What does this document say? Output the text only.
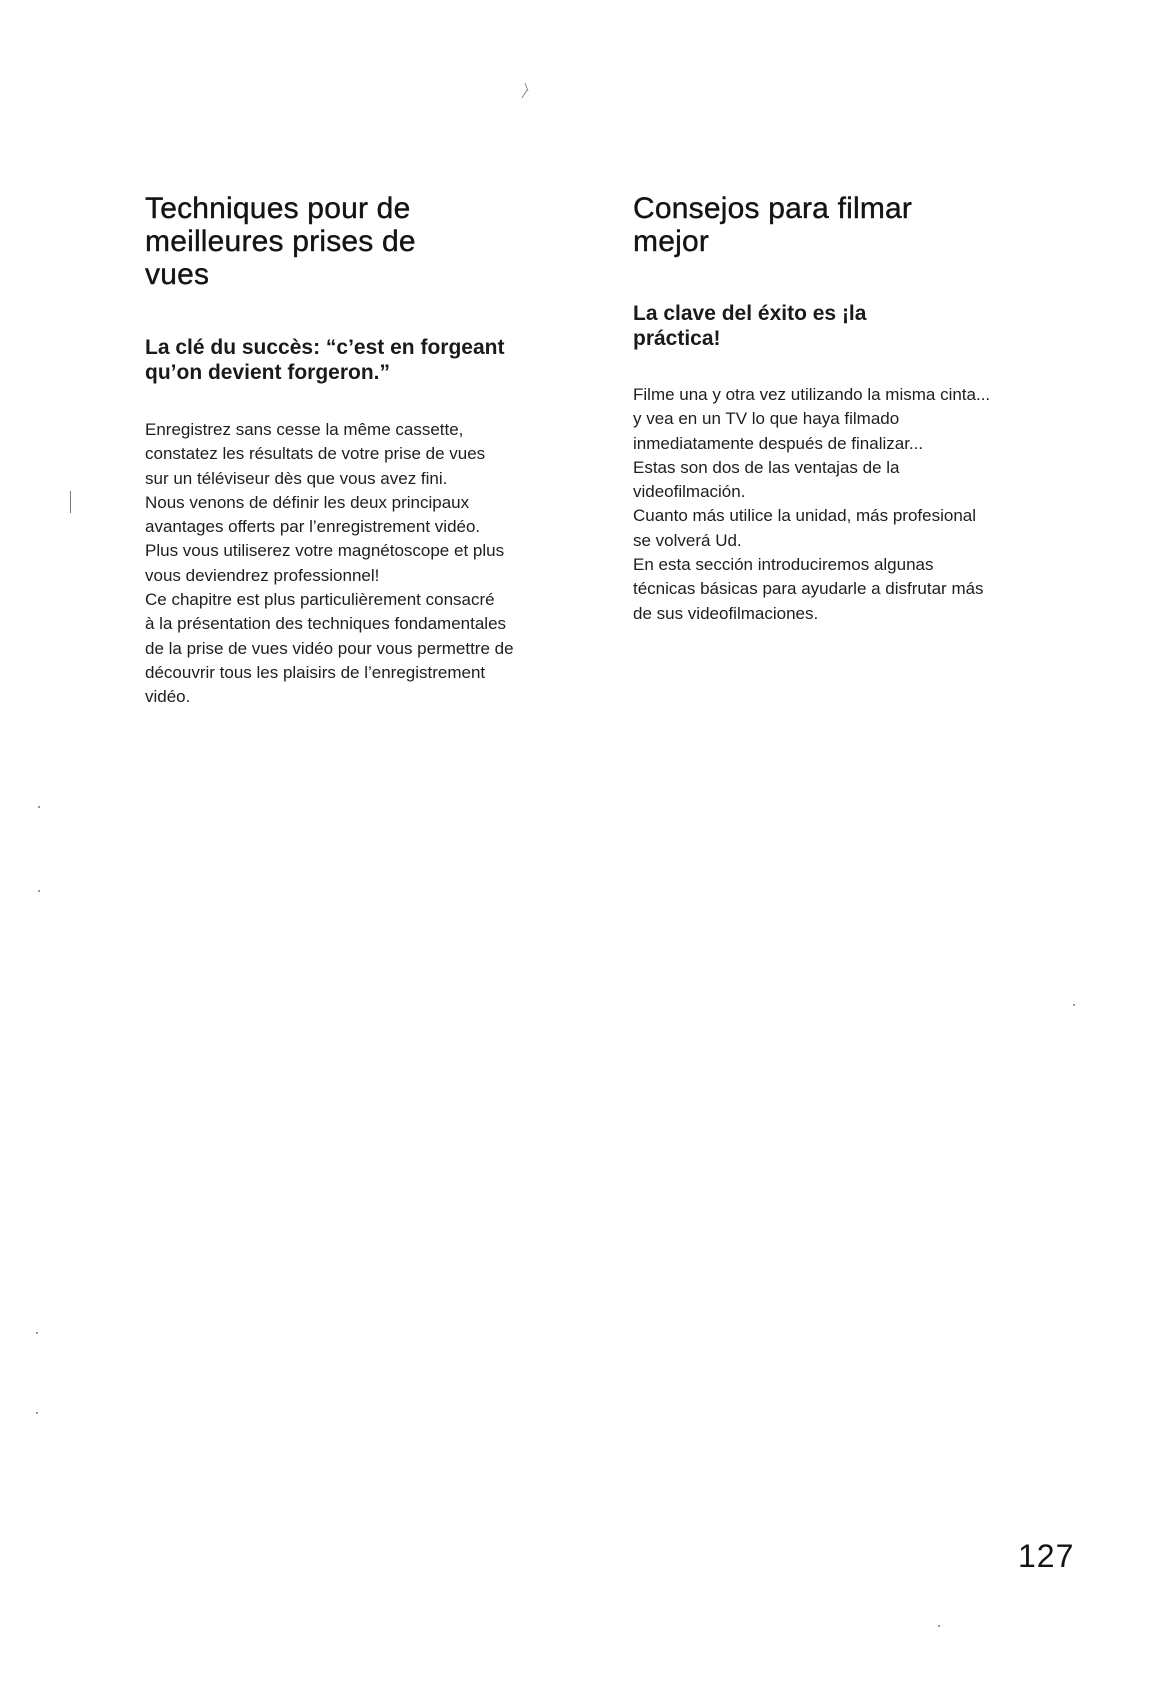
Techniques pour de meilleures prises de vues
La clé du succès: “c’est en forgeant qu’on devient forgeron.”

Enregistrez sans cesse la même cassette,
constatez les résultats de votre prise de vues
sur un téléviseur dès que vous avez fini.
Nous venons de définir les deux principaux
avantages offerts par l’enregistrement vidéo.
Plus vous utiliserez votre magnétoscope et plus
vous deviendrez professionnel!
Ce chapitre est plus particulièrement consacré
à la présentation des techniques fondamentales
de la prise de vues vidéo pour vous permettre de
découvrir tous les plaisirs de l’enregistrement
vidéo.

Consejos para filmar mejor
La clave del éxito es ¡la práctica!

Filme una y otra vez utilizando la misma cinta...
y vea en un TV lo que haya filmado
inmediatamente después de finalizar...
Estas son dos de las ventajas de la
videofilmación.
Cuanto más utilice la unidad, más profesional
se volverá Ud.
En esta sección introduciremos algunas
técnicas básicas para ayudarle a disfrutar más
de sus videofilmaciones.

127
